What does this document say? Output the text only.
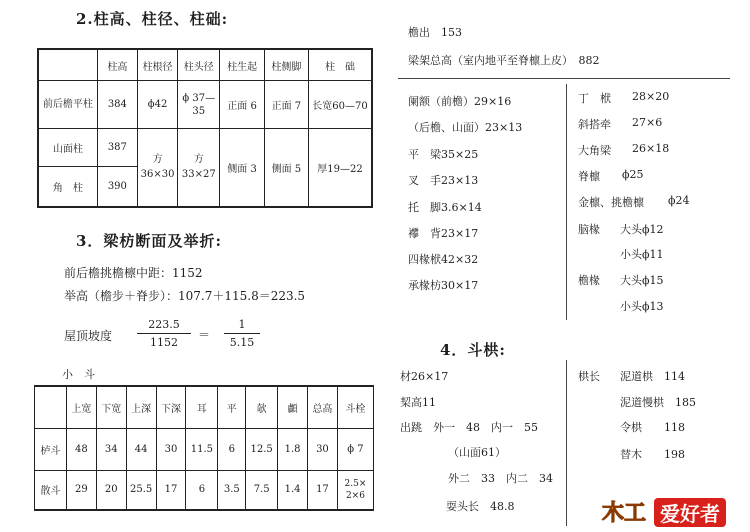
2.柱高、柱径、柱础:
	柱高	柱根径	柱头径	柱生起	柱侧脚	柱　础
前后檐平柱	384	ϕ42	ϕ 37—35	正面 6	正面 7	长宽60—70
山面柱	387	方 36×30	方 33×27	侧面 3	侧面 5	厚19—22
角　柱	390					
3．梁枋断面及举折:
前后檐挑檐檩中距：1152
举高（檐步＋脊步）：107.7＋115.8＝223.5
屋顶坡度
223.5
1152
＝
1
5.15
小　斗
	上宽	下宽	上深	下深	耳	平	欹	顱	总高	斗栓
栌斗	48	34	44	30	11.5	6	12.5	1.8	30	ϕ 7
散斗	29	20	25.5	17	6	3.5	7.5	1.4	17	2.5× 2×6
檐出　153
梁架总高（室内地平至脊檩上皮）　882
阑额（前檐）29×16
（后檐、山面）23×13
平　梁35×25
叉　手23×13
托　脚3.6×14
襻　背23×17
四椽栿42×32
承椽枋30×17
丁　栿 28×20
斜搭牵 27×6
大角梁 26×18
脊檩 ϕ25
金檩、挑檐檩 ϕ24
脑椽 大头ϕ12
小头ϕ11
檐椽 大头ϕ15
小头ϕ13
4．斗栱:
材26×17
栔高11
出跳　外一　48　内一　55
（山面61）
外二　33　内二　34
耍头长　48.8
栱长 泥道栱　114
泥道慢栱　185
令栱　　118
替木　　198
木工 爱好者
